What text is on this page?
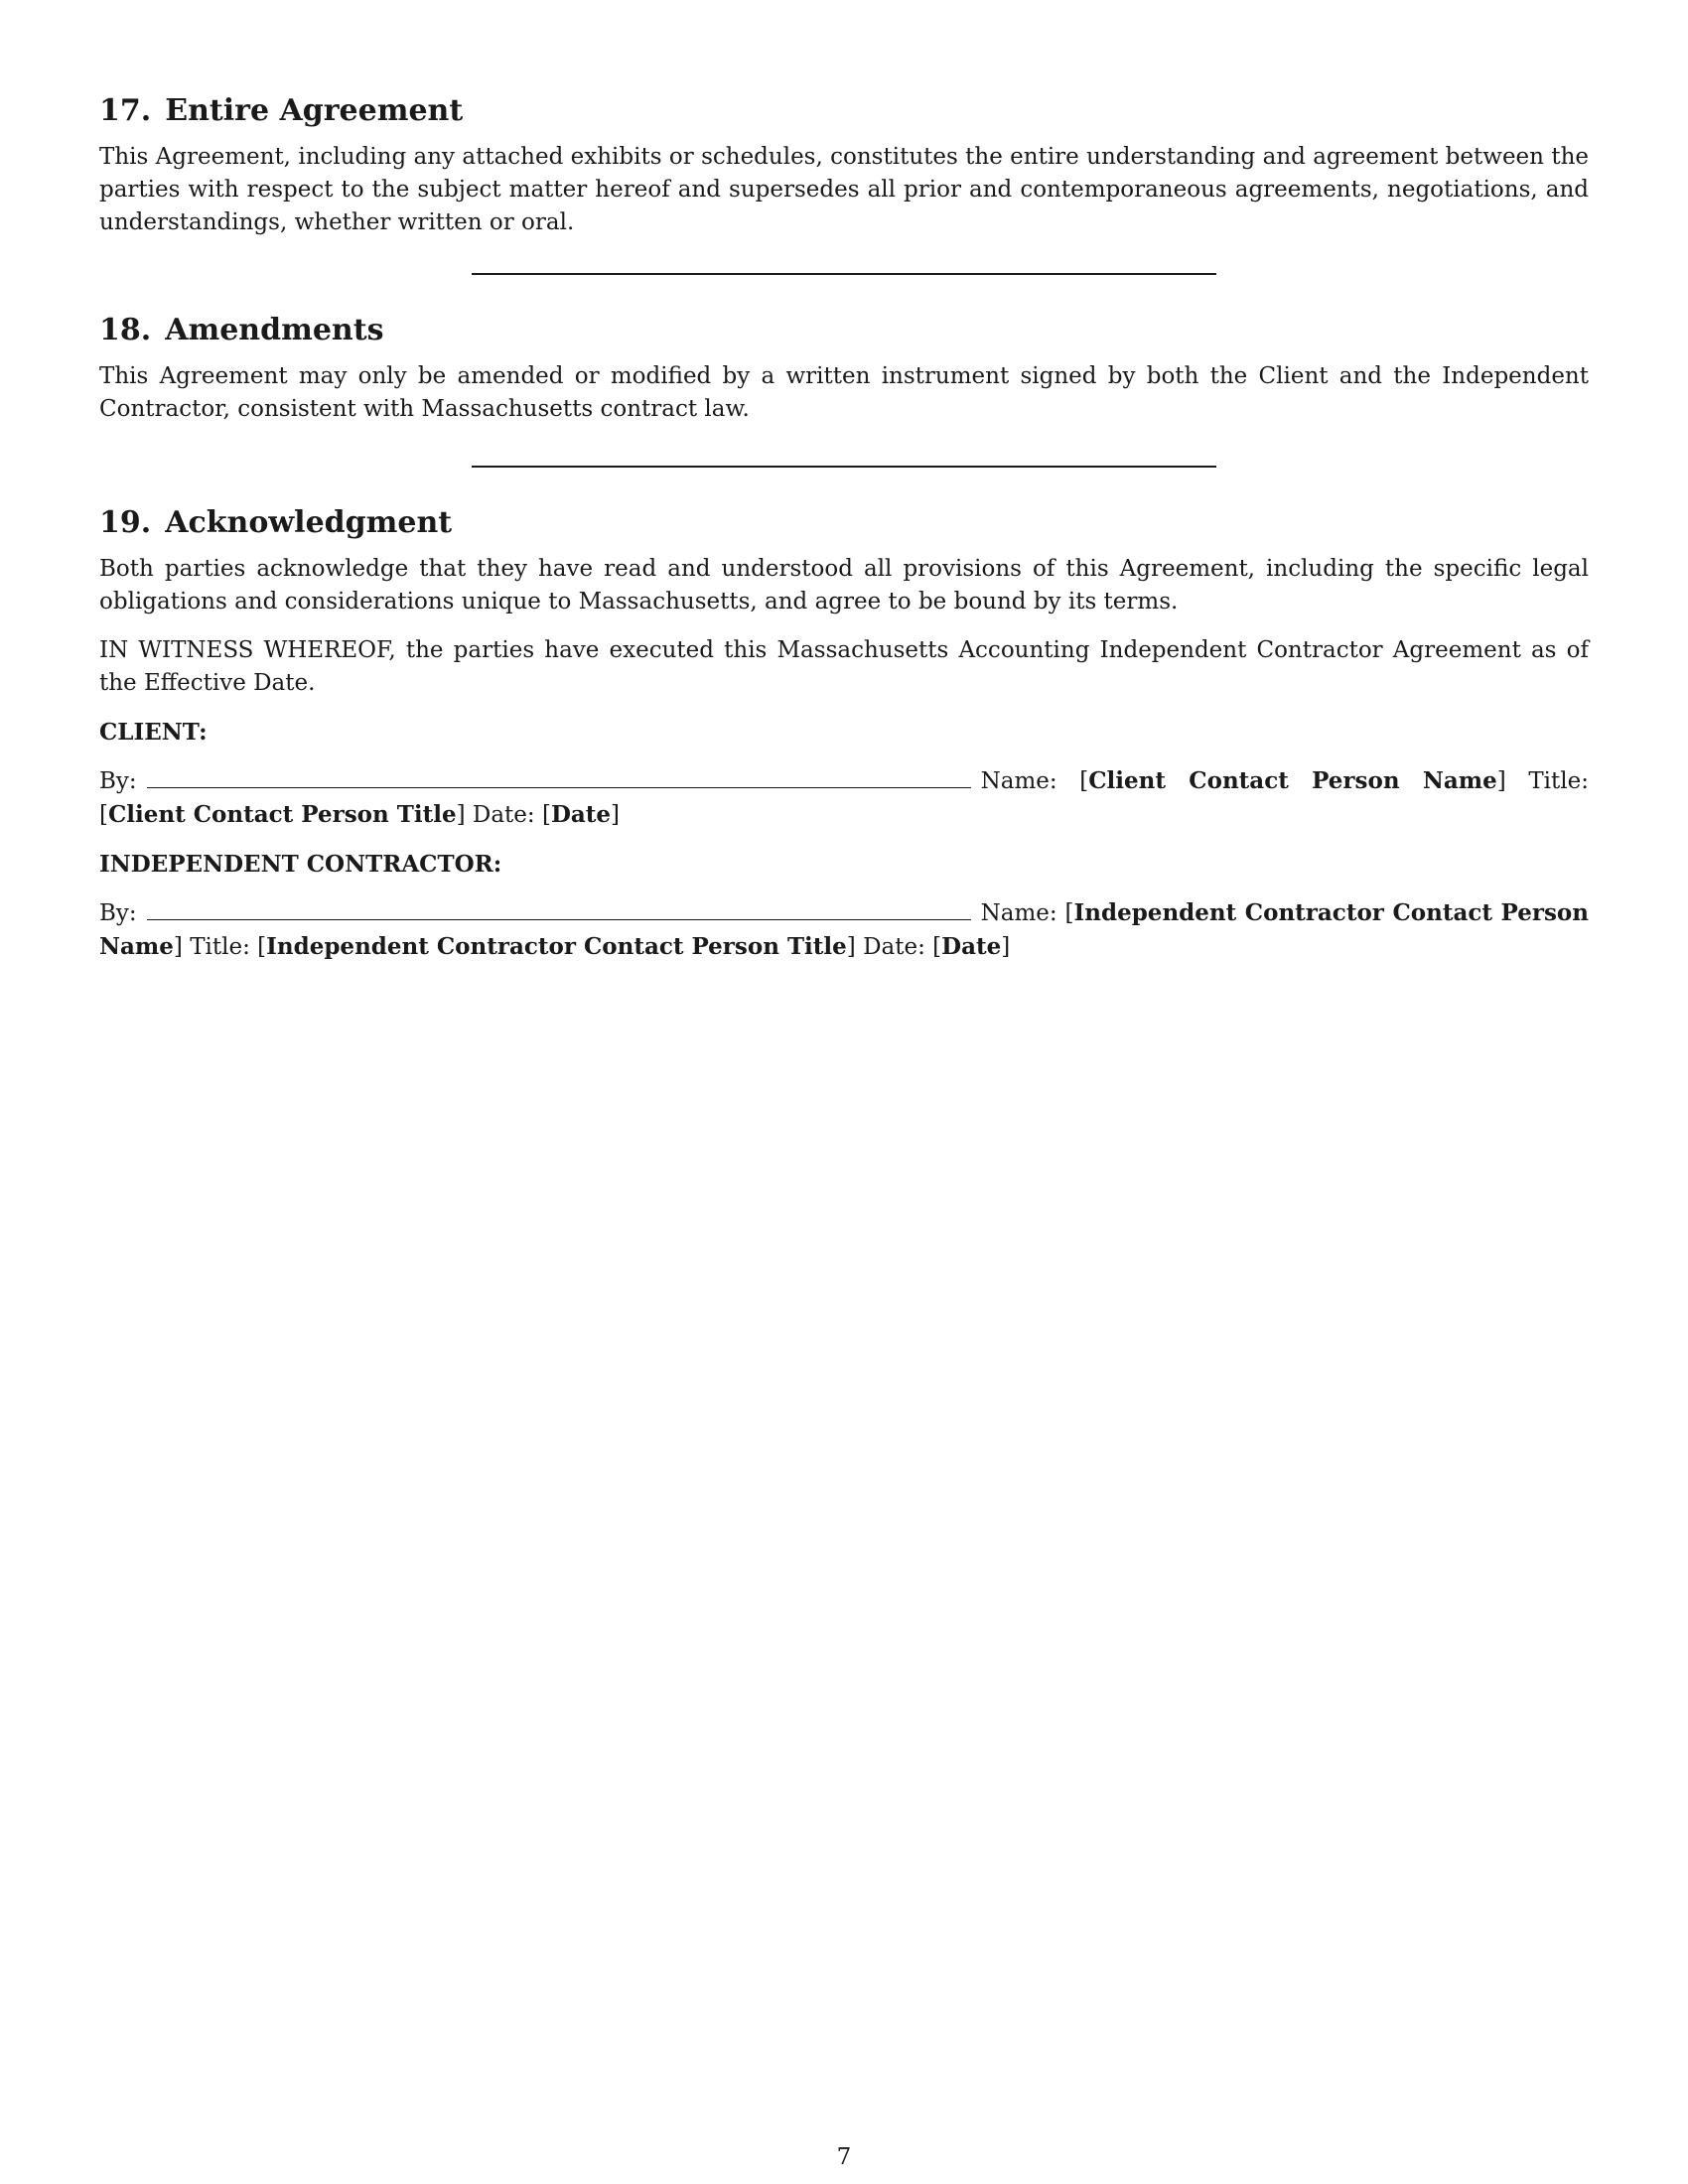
17. Entire Agreement

This Agreement, including any attached exhibits or schedules, constitutes the entire understanding and agreement between the parties with respect to the subject matter hereof and supersedes all prior and contemporaneous agreements, negotiations, and understandings, whether written or oral.

18. Amendments

This Agreement may only be amended or modified by a written instrument signed by both the Client and the Independent Contractor, consistent with Massachusetts contract law.

19. Acknowledgment

Both parties acknowledge that they have read and understood all provisions of this Agreement, including the specific legal obligations and considerations unique to Massachusetts, and agree to be bound by its terms.

IN WITNESS WHEREOF, the parties have executed this Massachusetts Accounting Independent Contractor Agreement as of the Effective Date.

CLIENT:

By:	Name: [Client Contact Person Name] Title: [Client Contact Person Title] Date: [Date]

INDEPENDENT CONTRACTOR:

By:	Name: [Independent Contractor Contact Person Name] Title: [Independent Contractor Contact Person Title] Date: [Date]

7
